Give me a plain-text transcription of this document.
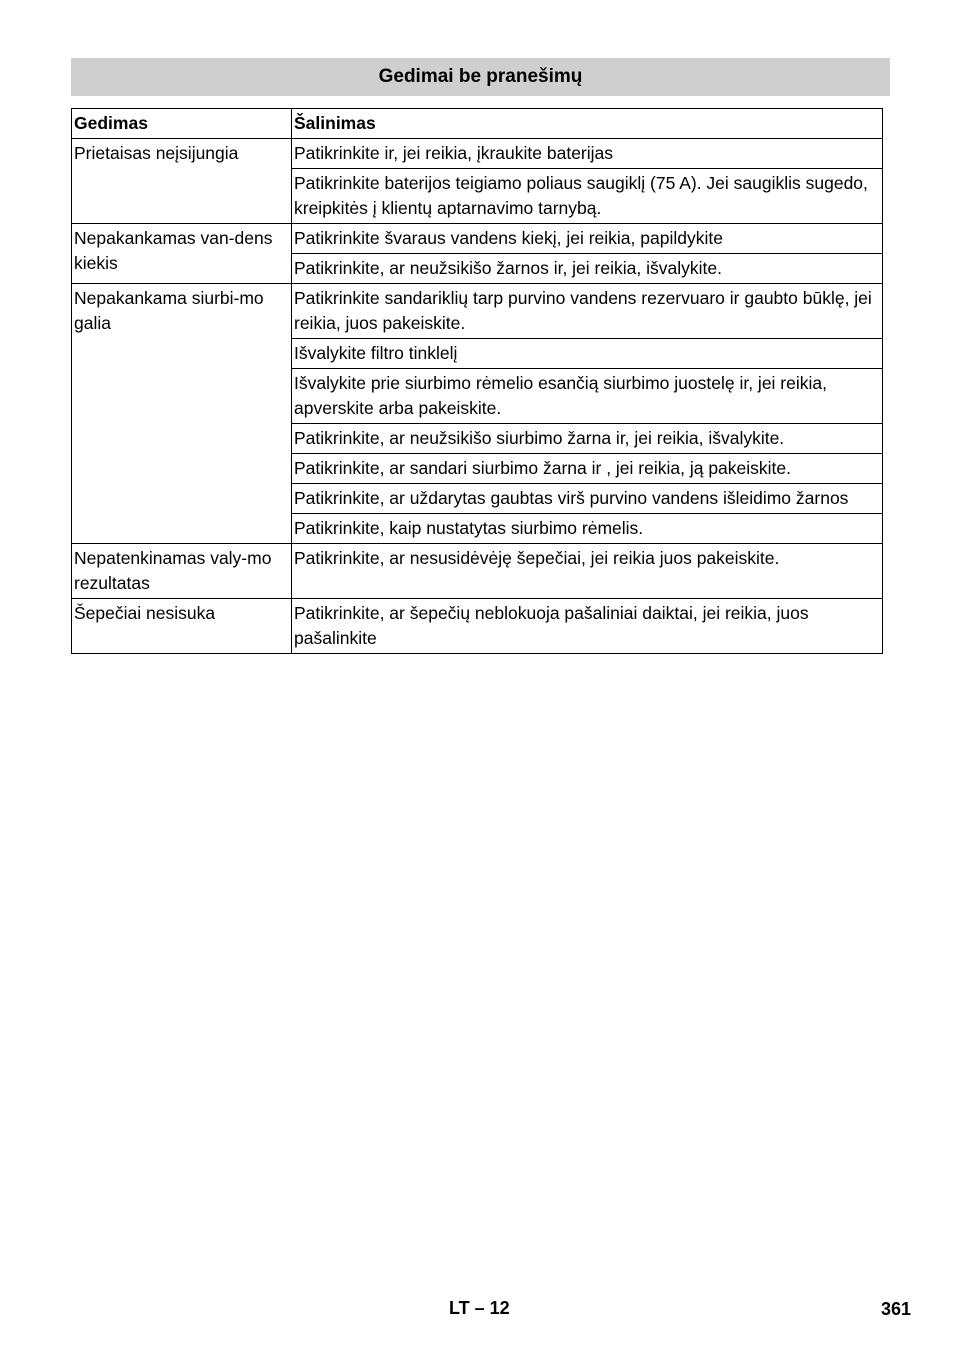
Gedimai be pranešimų
Gedimas	Šalinimas
Prietaisas neįsijungia	Patikrinkite ir, jei reikia, įkraukite baterijas
	Patikrinkite baterijos teigiamo poliaus saugiklį (75 A). Jei saugiklis sugedo, kreipkitės į klientų aptarnavimo tarnybą.
Nepakankamas van-dens kiekis	Patikrinkite švaraus vandens kiekį, jei reikia, papildykite
	Patikrinkite, ar neužsikišo žarnos ir, jei reikia, išvalykite.
Nepakankama siurbi-mo galia	Patikrinkite sandariklių tarp purvino vandens rezervuaro ir gaubto būklę, jei reikia, juos pakeiskite.
	Išvalykite filtro tinklelį
	Išvalykite prie siurbimo rėmelio esančią siurbimo juostelę ir, jei reikia, apverskite arba pakeiskite.
	Patikrinkite, ar neužsikišo siurbimo žarna ir, jei reikia, išvalykite.
	Patikrinkite, ar sandari siurbimo žarna ir , jei reikia, ją pakeiskite.
	Patikrinkite, ar uždarytas gaubtas virš purvino vandens išleidimo žarnos
	Patikrinkite, kaip nustatytas siurbimo rėmelis.
Nepatenkinamas valy-mo rezultatas	Patikrinkite, ar nesusidėvėję šepečiai, jei reikia juos pakeiskite.
Šepečiai nesisuka	Patikrinkite, ar šepečių neblokuoja pašaliniai daiktai, jei reikia, juos pašalinkite
LT – 12	361
